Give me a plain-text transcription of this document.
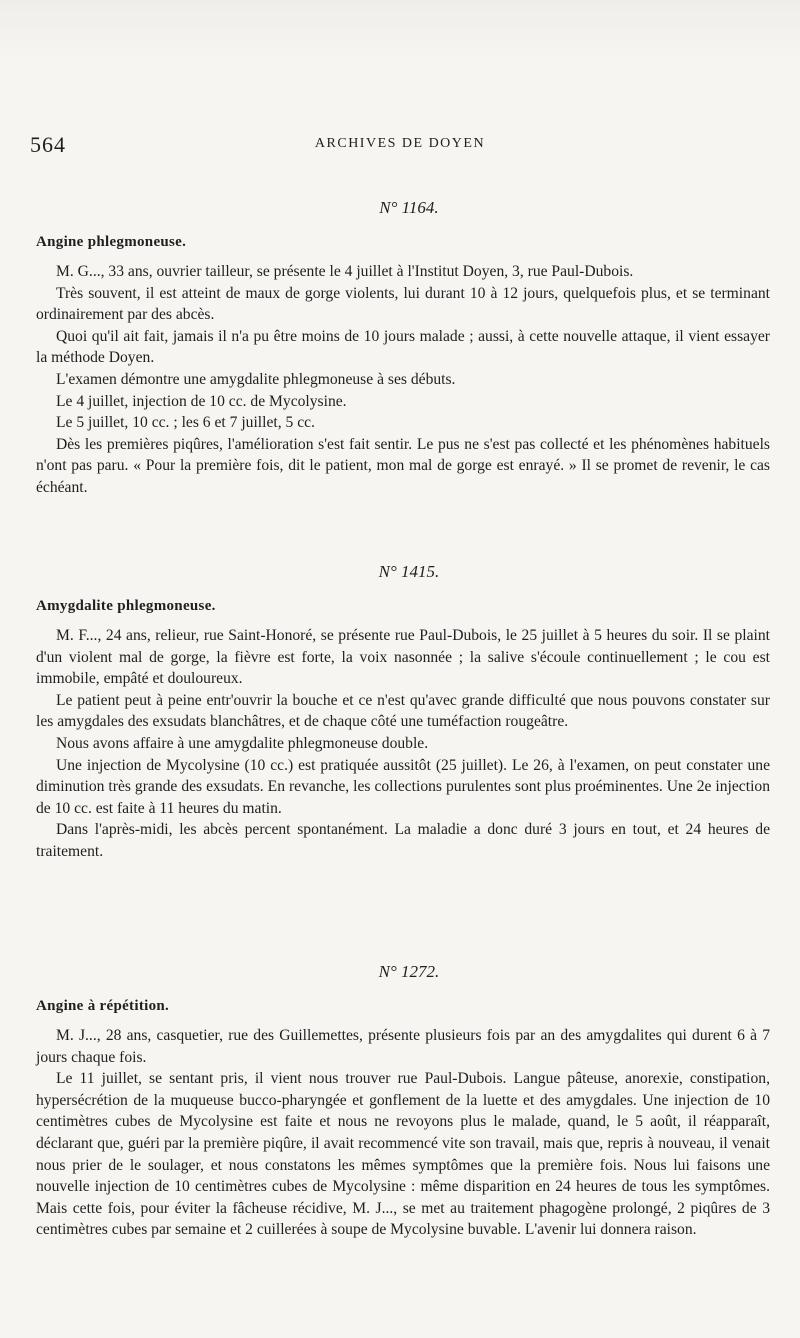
564	ARCHIVES DE DOYEN
N° 1164.
Angine phlegmoneuse.

M. G..., 33 ans, ouvrier tailleur, se présente le 4 juillet à l'Institut Doyen, 3, rue Paul-Dubois.

Très souvent, il est atteint de maux de gorge violents, lui durant 10 à 12 jours, quelquefois plus, et se terminant ordinairement par des abcès.

Quoi qu'il ait fait, jamais il n'a pu être moins de 10 jours malade ; aussi, à cette nouvelle attaque, il vient essayer la méthode Doyen.

L'examen démontre une amygdalite phlegmoneuse à ses débuts.

Le 4 juillet, injection de 10 cc. de Mycolysine.

Le 5 juillet, 10 cc. ; les 6 et 7 juillet, 5 cc.

Dès les premières piqûres, l'amélioration s'est fait sentir. Le pus ne s'est pas collecté et les phénomènes habituels n'ont pas paru. « Pour la première fois, dit le patient, mon mal de gorge est enrayé. » Il se promet de revenir, le cas échéant.

N° 1415.
Amygdalite phlegmoneuse.

M. F..., 24 ans, relieur, rue Saint-Honoré, se présente rue Paul-Dubois, le 25 juillet à 5 heures du soir. Il se plaint d'un violent mal de gorge, la fièvre est forte, la voix nasonnée ; la salive s'écoule continuellement ; le cou est immobile, empâté et douloureux.

Le patient peut à peine entr'ouvrir la bouche et ce n'est qu'avec grande difficulté que nous pouvons constater sur les amygdales des exsudats blanchâtres, et de chaque côté une tuméfaction rougeâtre.

Nous avons affaire à une amygdalite phlegmoneuse double.

Une injection de Mycolysine (10 cc.) est pratiquée aussitôt (25 juillet). Le 26, à l'examen, on peut constater une diminution très grande des exsudats. En revanche, les collections purulentes sont plus proéminentes. Une 2e injection de 10 cc. est faite à 11 heures du matin.

Dans l'après-midi, les abcès percent spontanément. La maladie a donc duré 3 jours en tout, et 24 heures de traitement.

N° 1272.
Angine à répétition.

M. J..., 28 ans, casquetier, rue des Guillemettes, présente plusieurs fois par an des amygdalites qui durent 6 à 7 jours chaque fois.

Le 11 juillet, se sentant pris, il vient nous trouver rue Paul-Dubois. Langue pâteuse, anorexie, constipation, hypersécrétion de la muqueuse bucco-pharyngée et gonflement de la luette et des amygdales. Une injection de 10 centimètres cubes de Mycolysine est faite et nous ne revoyons plus le malade, quand, le 5 août, il réapparaît, déclarant que, guéri par la première piqûre, il avait recommencé vite son travail, mais que, repris à nouveau, il venait nous prier de le soulager, et nous constatons les mêmes symptômes que la première fois. Nous lui faisons une nouvelle injection de 10 centimètres cubes de Mycolysine : même disparition en 24 heures de tous les symptômes. Mais cette fois, pour éviter la fâcheuse récidive, M. J..., se met au traitement phagogène prolongé, 2 piqûres de 3 centimètres cubes par semaine et 2 cuillerées à soupe de Mycolysine buvable. L'avenir lui donnera raison.
